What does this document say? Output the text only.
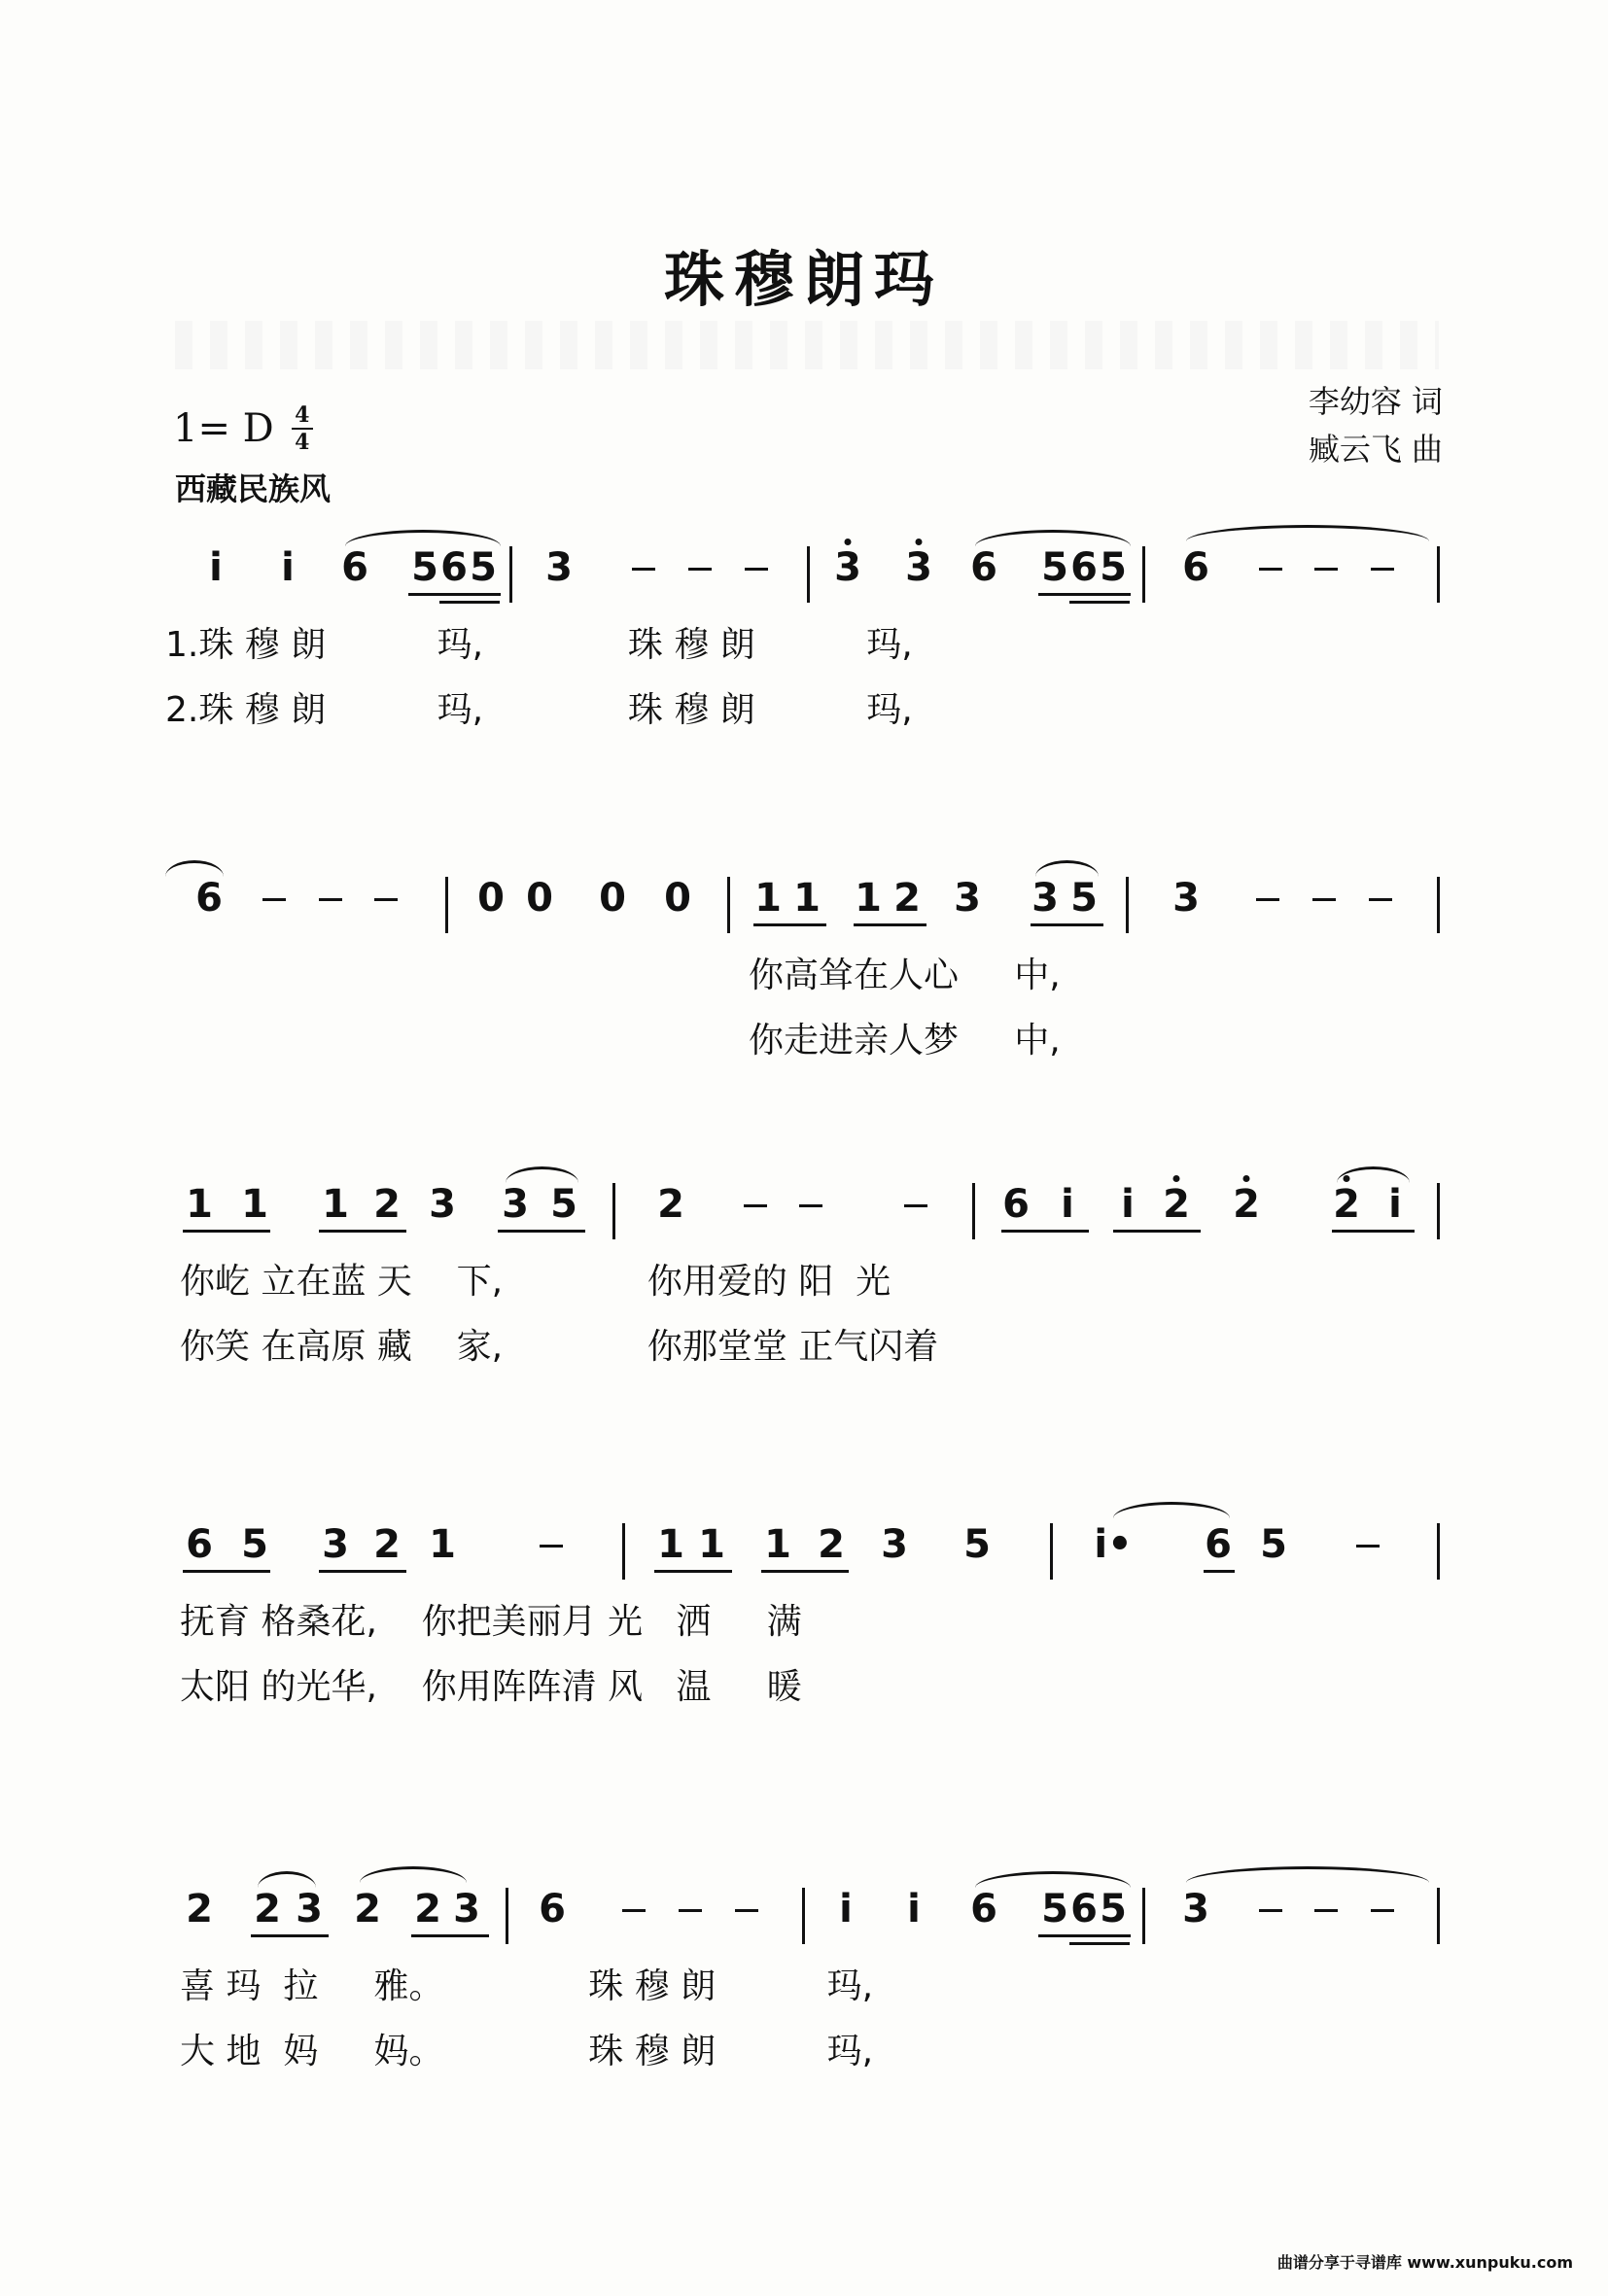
珠穆朗玛
1= D 4
4
西藏民族风
李幼容 词
臧云飞 曲
i i 6 5 6 5 3	3 3 6 5 6 5 6
1.珠 穆 朗          玛,             珠 穆 朗          玛,
2.珠 穆 朗          玛,             珠 穆 朗          玛,
6	0 0 0 0 1 1 1 2 3 3 5 3
你高耸在人心     中,
你走进亲人梦     中,
1 1 1 2 3 3 5 2	6 i i 2 2 2 i
你屹 立在蓝 天    下,             你用爱的 阳  光
你笑 在高原 藏    家,             你那堂堂 正气闪着
6 5 3 2 1	1 1 1 2 3 5	i• 6 5
抚育 格桑花,    你把美丽月 光   洒     满
太阳 的光华,    你用阵阵清 风   温     暖
2 2 3 2 2 3 6	i i 6 5 6 5 3
喜 玛  拉     雅。             珠 穆 朗          玛,
大 地  妈     妈。             珠 穆 朗          玛,
曲谱分享于寻谱库 www.xunpuku.com
